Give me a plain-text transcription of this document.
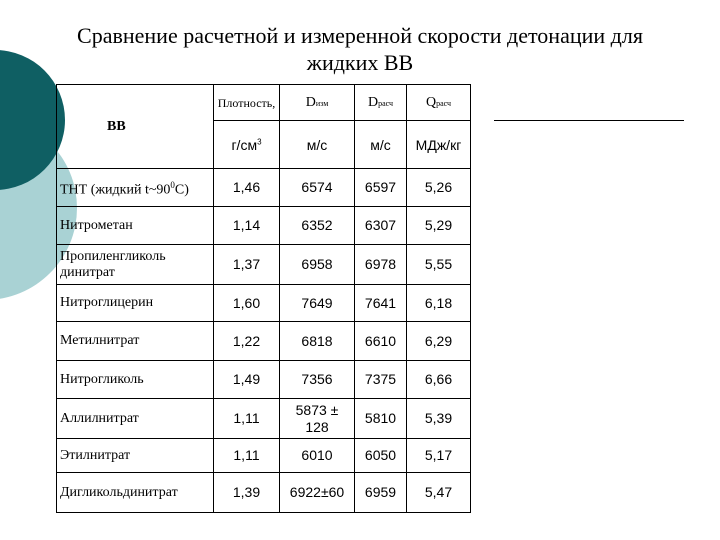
Сравнение расчетной и измеренной скорости детонации для
жидких ВВ
ВВ	Плотность,	Dизм	Dрасч	Qрасч
	$г/см^3$	м/с	м/с	МДж/кг
ТНТ (жидкий $t\sim 90^0С$)	1,46	6574	6597	5,26
Нитрометан	1,14	6352	6307	5,29
Пропиленгликоль динитрат	1,37	6958	6978	5,55
Нитроглицерин	1,60	7649	7641	6,18
Метилнитрат	1,22	6818	6610	6,29
Нитрогликоль	1,49	7356	7375	6,66
Аллилнитрат	1,11	5873 ± 128	5810	5,39
Этилнитрат	1,11	6010	6050	5,17
Дигликольдинитрат	1,39	6922±60	6959	5,47
